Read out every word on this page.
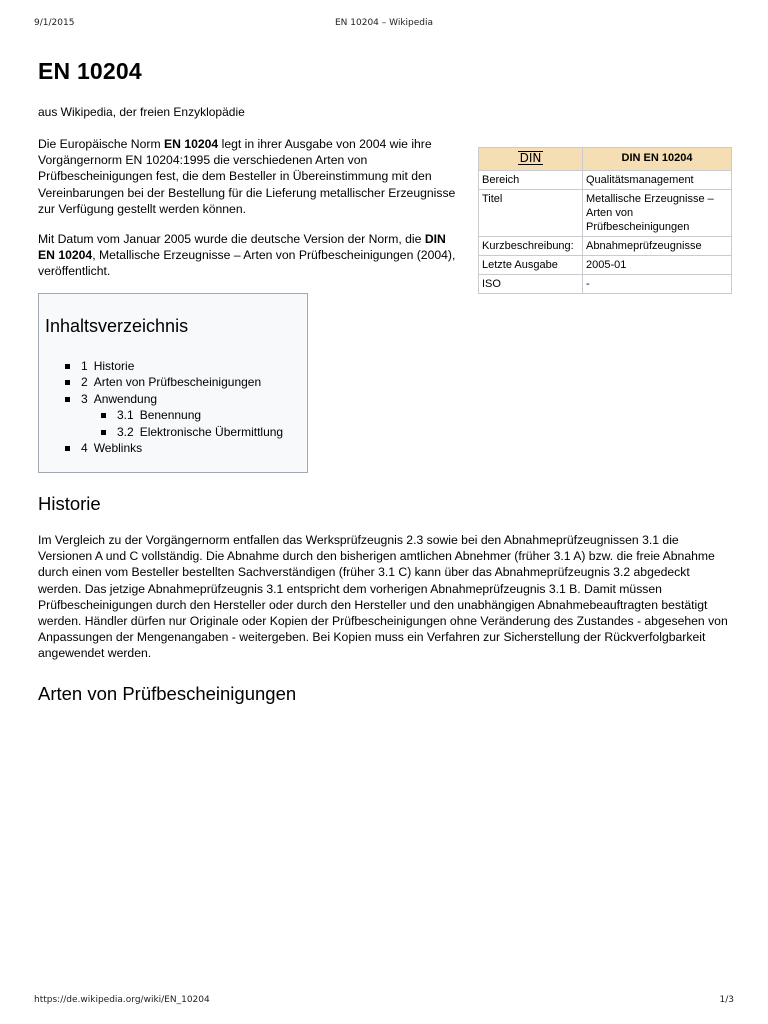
9/1/2015	EN 10204 – Wikipedia
EN 10204

aus Wikipedia, der freien Enzyklopädie

Die Europäische Norm EN 10204 legt in ihrer Ausgabe von 2004 wie ihre Vorgängernorm EN 10204:1995 die verschiedenen Arten von Prüfbescheinigungen fest, die dem Besteller in Übereinstimmung mit den Vereinbarungen bei der Bestellung für die Lieferung metallischer Erzeugnisse zur Verfügung gestellt werden können.

Mit Datum vom Januar 2005 wurde die deutsche Version der Norm, die DIN EN 10204, Metallische Erzeugnisse – Arten von Prüfbescheinigungen (2004), veröffentlicht.

DIN	DIN EN 10204
Bereich	Qualitätsmanagement
Titel	Metallische Erzeugnisse – Arten von Prüfbescheinigungen
Kurzbeschreibung:	Abnahmeprüfzeugnisse
Letzte Ausgabe	2005-01
ISO	-
Inhaltsverzeichnis
1 Historie
2 Arten von Prüfbescheinigungen
3 Anwendung
3.1 Benennung
3.2 Elektronische Übermittlung
4 Weblinks
Historie

Im Vergleich zu der Vorgängernorm entfallen das Werksprüfzeugnis 2.3 sowie bei den Abnahmeprüfzeugnissen 3.1 die Versionen A und C vollständig. Die Abnahme durch den bisherigen amtlichen Abnehmer (früher 3.1 A) bzw. die freie Abnahme durch einen vom Besteller bestellten Sachverständigen (früher 3.1 C) kann über das Abnahmeprüfzeugnis 3.2 abgedeckt werden. Das jetzige Abnahmeprüfzeugnis 3.1 entspricht dem vorherigen Abnahmeprüfzeugnis 3.1 B. Damit müssen Prüfbescheinigungen durch den Hersteller oder durch den Hersteller und den unabhängigen Abnahmebeauftragten bestätigt werden. Händler dürfen nur Originale oder Kopien der Prüfbescheinigungen ohne Veränderung des Zustandes - abgesehen von Anpassungen der Mengenangaben - weitergeben. Bei Kopien muss ein Verfahren zur Sicherstellung der Rückverfolgbarkeit angewendet werden.

Arten von Prüfbescheinigungen
https://de.wikipedia.org/wiki/EN_10204	1/3
